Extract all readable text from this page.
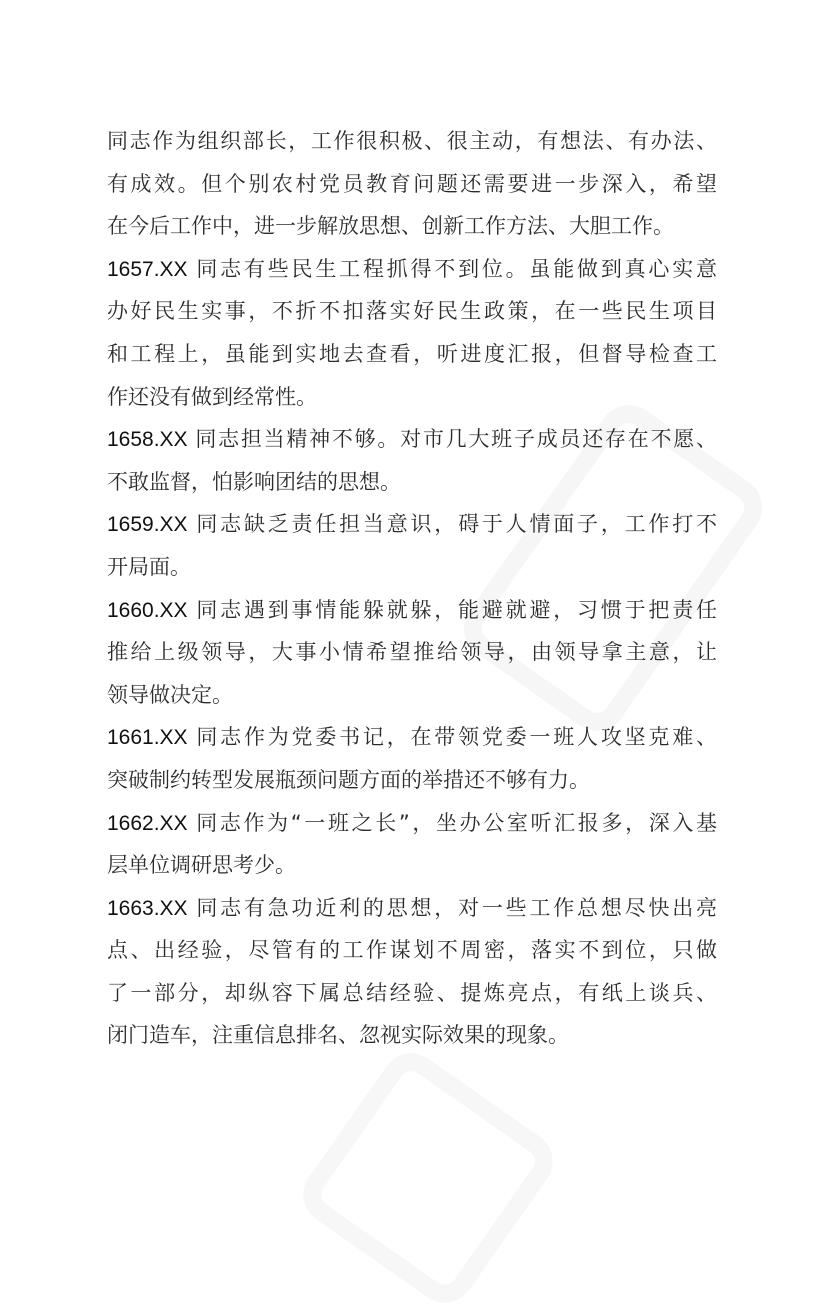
同志作为组织部长，工作很积极、很主动，有想法、有办法、
有成效。但个别农村党员教育问题还需要进一步深入，希望
在今后工作中，进一步解放思想、创新工作方法、大胆工作。
1657.XX 同志有些民生工程抓得不到位。虽能做到真心实意
办好民生实事，不折不扣落实好民生政策，在一些民生项目
和工程上，虽能到实地去查看，听进度汇报，但督导检查工
作还没有做到经常性。
1658.XX 同志担当精神不够。对市几大班子成员还存在不愿、
不敢监督，怕影响团结的思想。
1659.XX 同志缺乏责任担当意识，碍于人情面子，工作打不
开局面。
1660.XX 同志遇到事情能躲就躲，能避就避，习惯于把责任
推给上级领导，大事小情希望推给领导，由领导拿主意，让
领导做决定。
1661.XX 同志作为党委书记，在带领党委一班人攻坚克难、
突破制约转型发展瓶颈问题方面的举措还不够有力。
1662.XX 同志作为“一班之长”，坐办公室听汇报多，深入基
层单位调研思考少。
1663.XX 同志有急功近利的思想，对一些工作总想尽快出亮
点、出经验，尽管有的工作谋划不周密，落实不到位，只做
了一部分，却纵容下属总结经验、提炼亮点，有纸上谈兵、
闭门造车，注重信息排名、忽视实际效果的现象。
